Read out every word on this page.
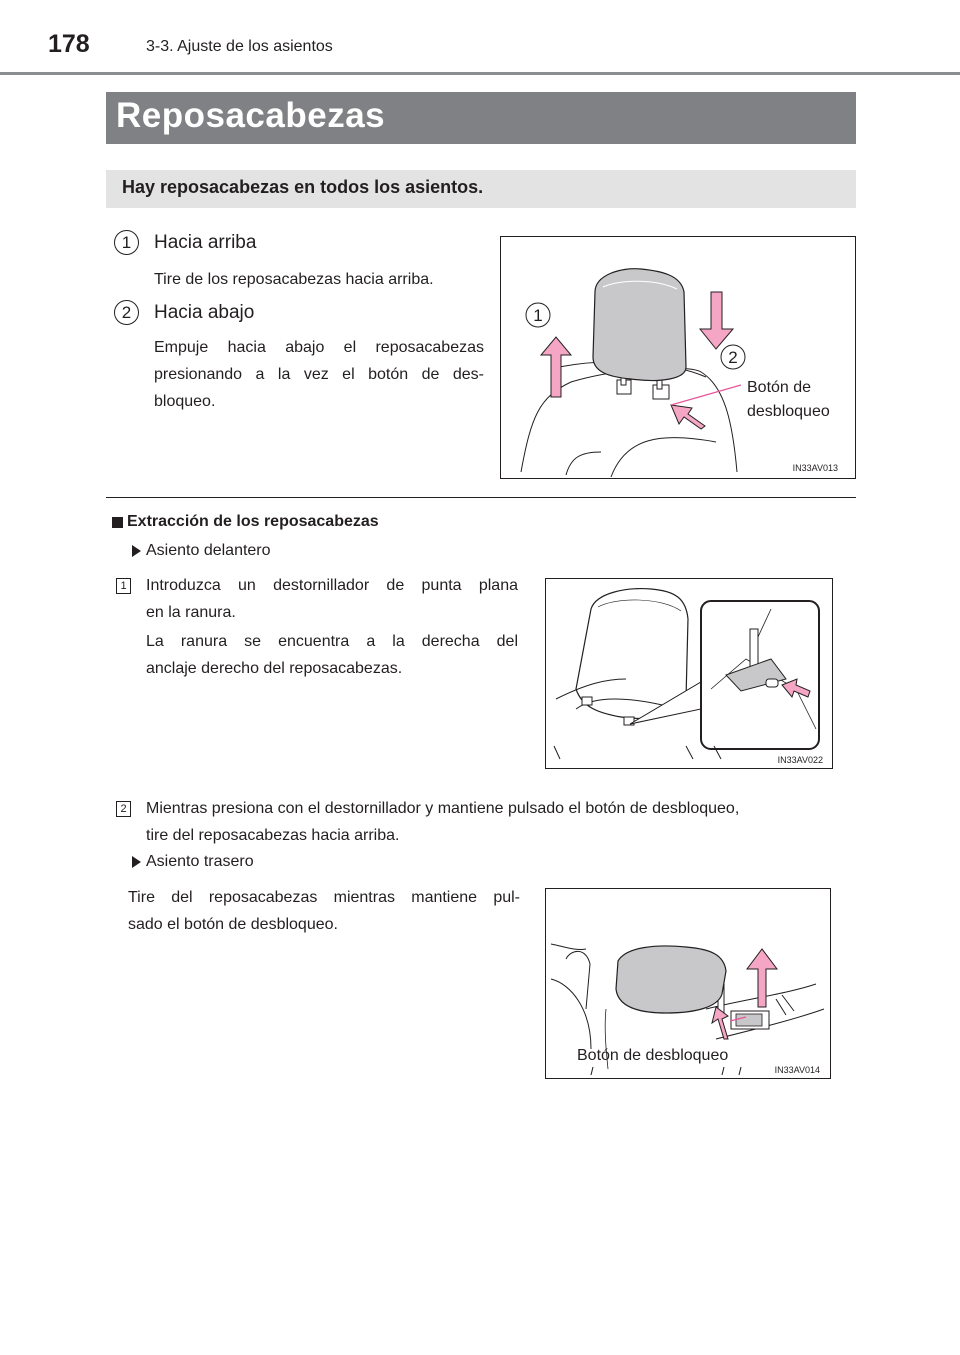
178	3-3. Ajuste de los asientos
Reposacabezas
Hay reposacabezas en todos los asientos.
1	Hacia arriba
Tire de los reposacabezas hacia arriba.
2	Hacia abajo
Empuje hacia abajo el reposacabezas
presionando a la vez el botón de des-
bloqueo.
1
2
Botón de
desbloqueo
IN33AV013
Extracción de los reposacabezas
Asiento delantero
1 Introduzca un destornillador de punta plana
en la ranura.
La ranura se encuentra a la derecha del
anclaje derecho del reposacabezas.
IN33AV022
2 Mientras presiona con el destornillador y mantiene pulsado el botón de desbloqueo,
tire del reposacabezas hacia arriba.
Asiento trasero
Tire del reposacabezas mientras mantiene pul-
sado el botón de desbloqueo.
Botón de desbloqueo
IN33AV014
